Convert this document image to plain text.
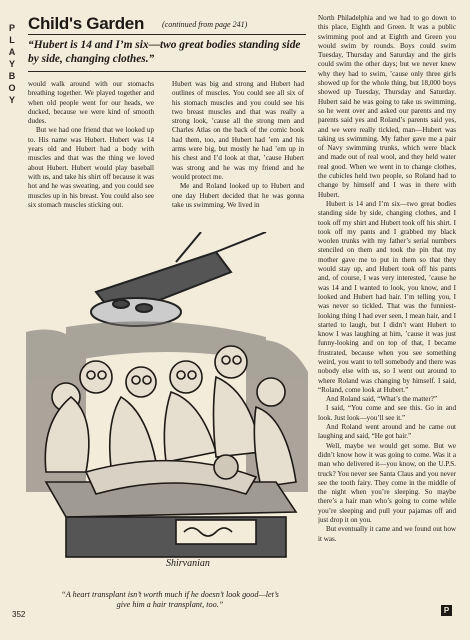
P
L
A
Y
B
O
Y
Child's Garden (continued from page 241)
“Hubert is 14 and I’m six—two great bodies standing side by side, changing clothes.”

would walk around with our stomachs breathing together. We played together and when old people went for our heads, we ducked, because we were kind of smooth dudes.

But we had one friend that we looked up to. His name was Hubert. Hubert was 14 years old and Hubert had a body with muscles and that was the thing we loved about Hubert. Hubert would play baseball with us, and take his shirt off because it was hot and he was sweating, and you could see muscles up in his breast. You could also see six stomach muscles sticking out.

Hubert was big and strong and Hubert had outlines of muscles. You could see all six of his stomach muscles and you could see his two breast muscles and that was really a strong look, ’cause all the strong men and Charles Atlas on the back of the comic book had them, too, and Hubert had ’em and his arms were big, but mostly he had ’em up in his chest and I’d look at that, ’cause Hubert was strong and he was my friend and he would protect me.

Me and Roland looked up to Hubert and one day Hubert decided that he was gonna take us swimming. We lived in

North Philadelphia and we had to go down to this place, Eighth and Green. It was a public swimming pool and at Eighth and Green you would swim by rounds. Boys could swim Tuesday, Thursday and Saturday and the girls could swim the other days; but we never knew why they had to swim, ’cause only three girls showed up for the whole thing, but 18,000 boys showed up Tuesday, Thursday and Saturday. Hubert said he was going to take us swimming, so he went over and asked our parents and my parents said yes and Roland’s parents said yes, and we were really tickled, man—Hubert was taking us swimming. My father gave me a pair of Navy swimming trunks, which were black and made out of real wool, and they held water real good. When we went in to change clothes, the cubicles held two people, so Roland had to change by himself and I was in there with Hubert.

Hubert is 14 and I’m six—two great bodies standing side by side, changing clothes, and I took off my shirt and Hubert took off his shirt. I took off my pants and I grabbed my black woolen trunks with my father’s serial numbers stenciled on them and took the pin that my mother gave me to put in them so that they would stay up, and Hubert took off his pants and, of course, I was very interested, ’cause he was 14 and I wanted to look, you know, and I looked and Hubert had hair. I’m telling you, I was never so tickled. That was the funniest-looking thing I had ever seen, I mean hair, and I started to laugh, but I didn’t want Hubert to know I was laughing at him, ’cause it was just funny-looking and on top of that, I became frustrated, because when you see something weird, you want to tell somebody and there was nobody else with us, so I went out around to where Roland was changing by himself. I said, “Roland, come look at Hubert.”

And Roland said, “What’s the matter?”

I said, “You come and see this. Go in and look. Just look—you’ll see it.”

And Roland went around and he came out laughing and said, “He got hair.”

Well, maybe we would get some. But we didn’t know how it was going to come. Was it a man who delivered it—you know, on the U.P.S. truck? You never see Santa Claus and you never see the tooth fairy. They come in the middle of the night when you’re sleeping. So maybe there’s a hair man who’s going to come while you’re sleeping and pull your pajamas off and just drop it on you.

But eventually it came and we found out how it was.

Shirvanian
“A heart transplant isn’t worth much if he doesn’t look good—let’s give him a hair transplant, too.”
352	P
